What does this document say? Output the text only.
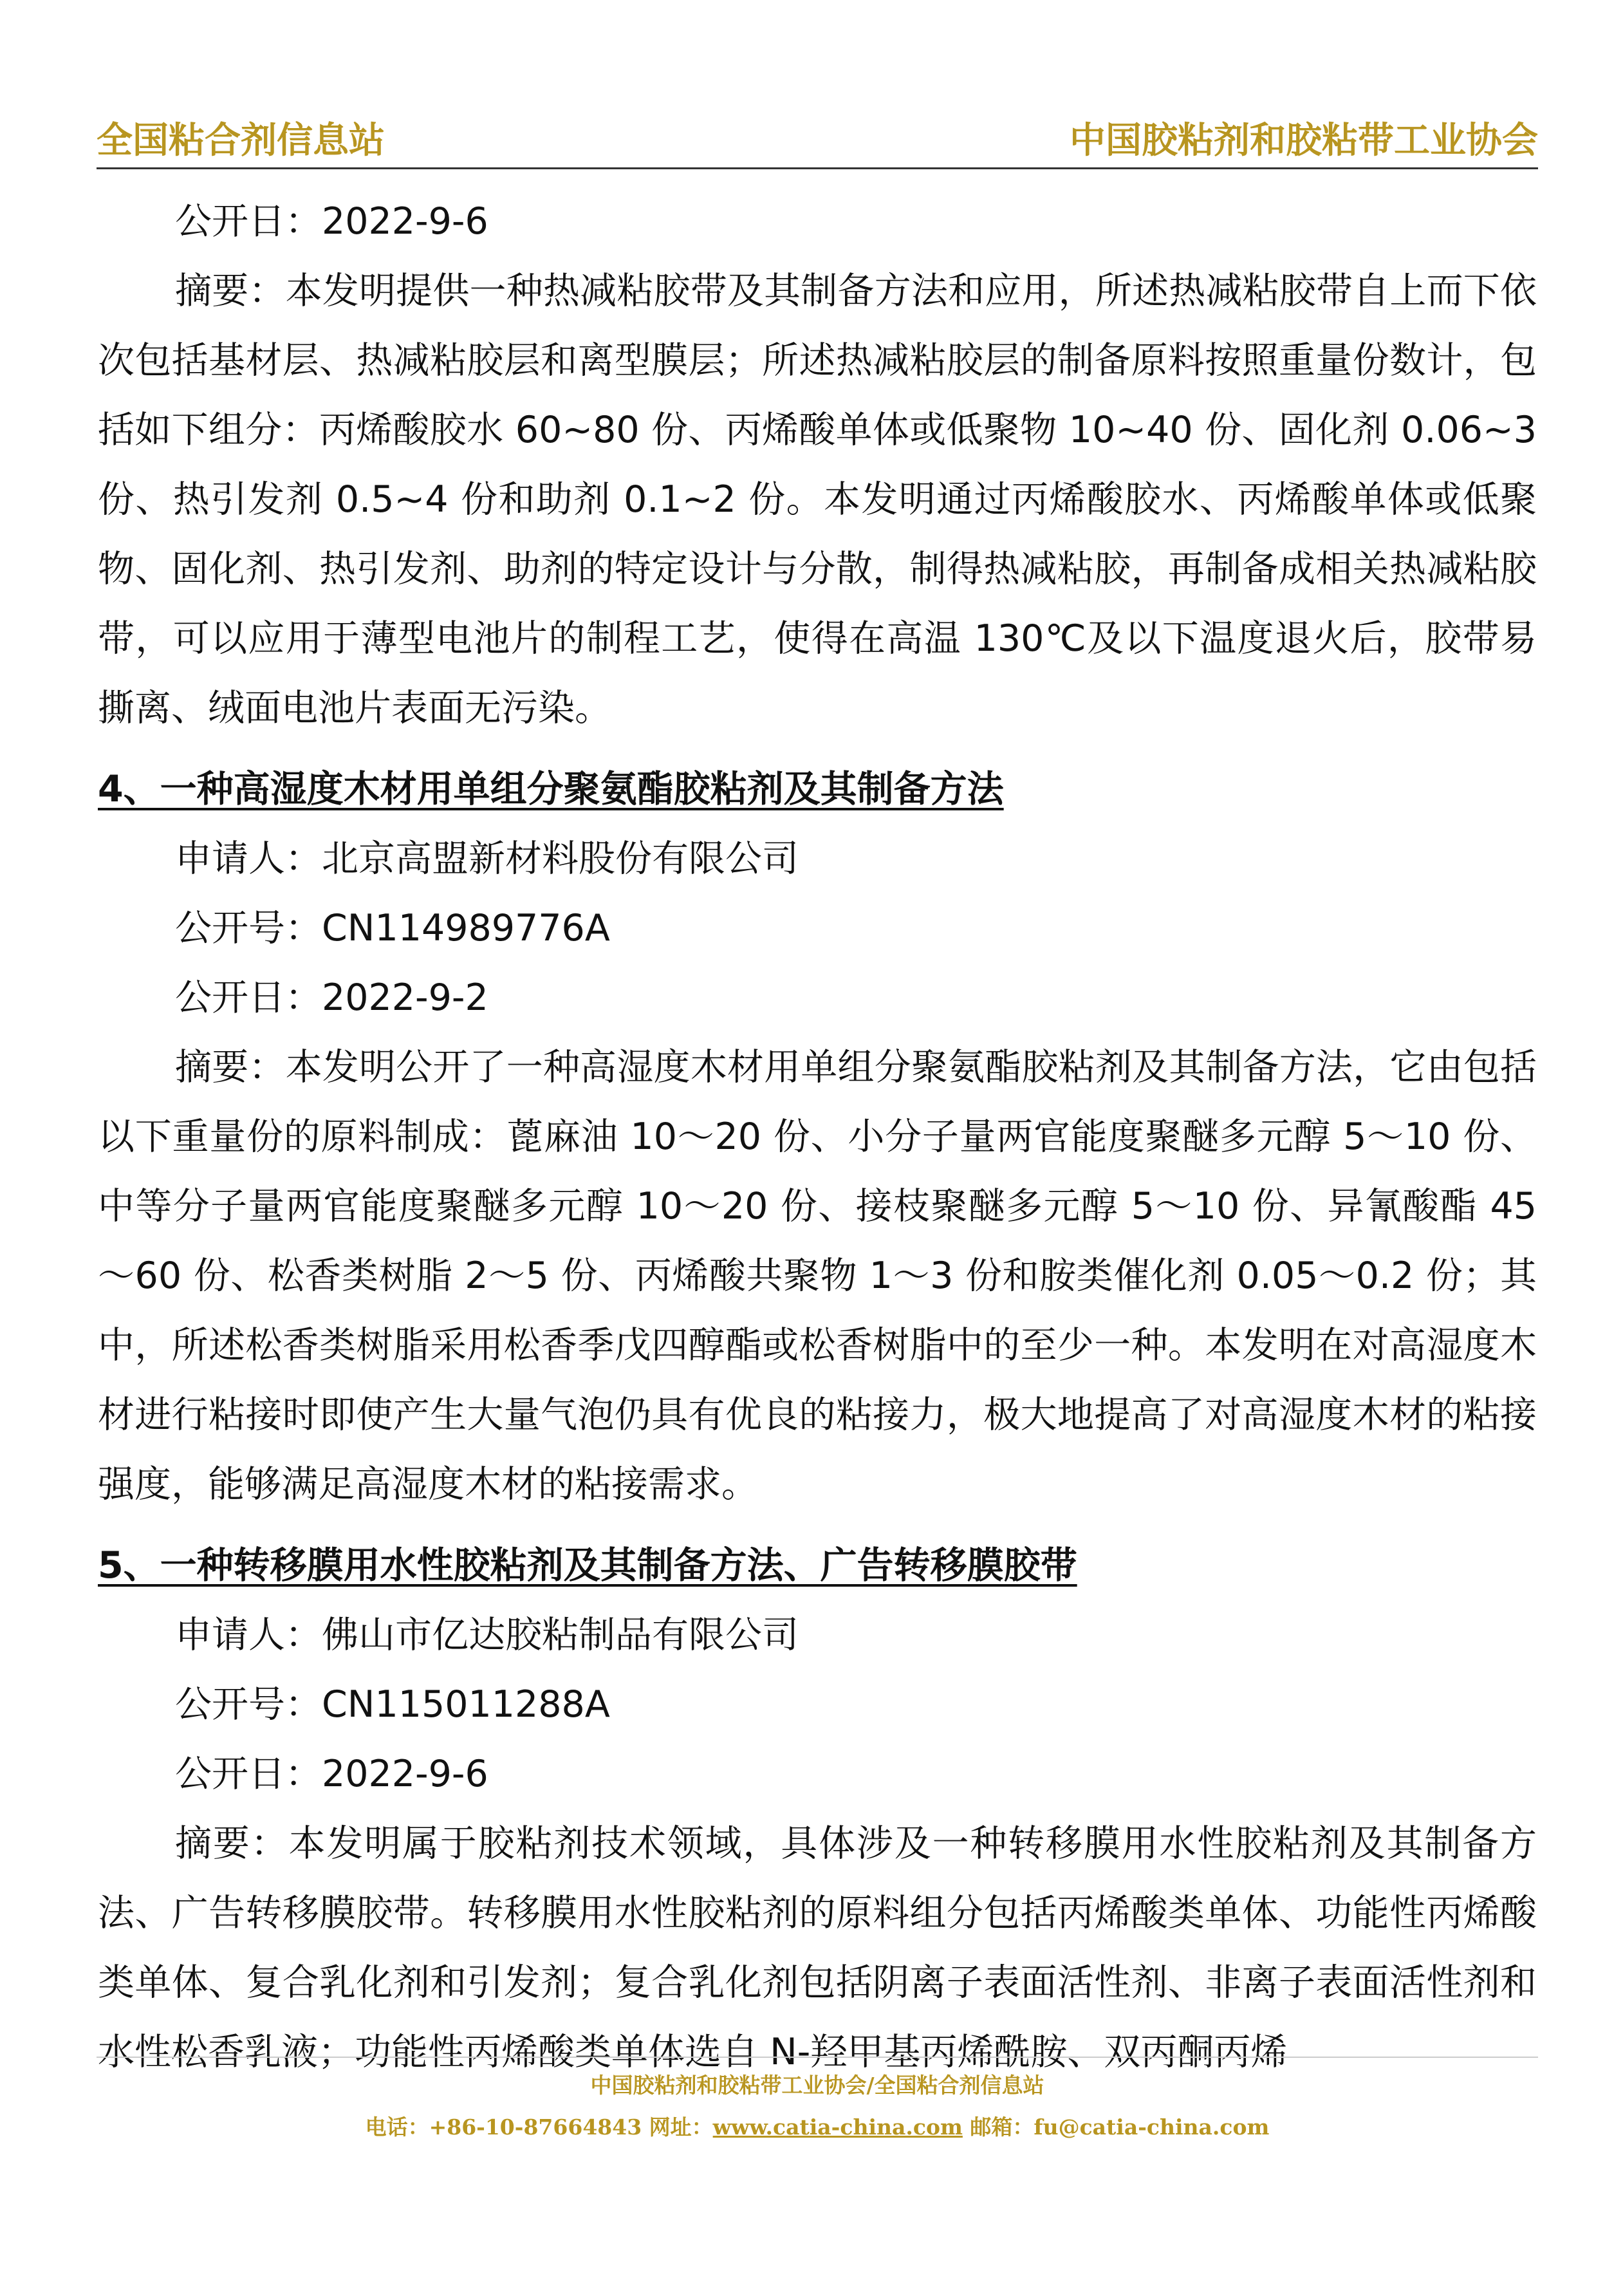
全国粘合剂信息站	中国胶粘剂和胶粘带工业协会

公开日：2022-9-6

摘要：本发明提供一种热减粘胶带及其制备方法和应用，所述热减粘胶带自上而下依次包括基材层、热减粘胶层和离型膜层；所述热减粘胶层的制备原料按照重量份数计，包括如下组分：丙烯酸胶水 60~80 份、丙烯酸单体或低聚物 10~40 份、固化剂 0.06~3 份、热引发剂 0.5~4 份和助剂 0.1~2 份。本发明通过丙烯酸胶水、丙烯酸单体或低聚物、固化剂、热引发剂、助剂的特定设计与分散，制得热减粘胶，再制备成相关热减粘胶带，可以应用于薄型电池片的制程工艺，使得在高温 130℃及以下温度退火后，胶带易撕离、绒面电池片表面无污染。

4、一种高湿度木材用单组分聚氨酯胶粘剂及其制备方法

申请人：北京高盟新材料股份有限公司

公开号：CN114989776A

公开日：2022-9-2

摘要：本发明公开了一种高湿度木材用单组分聚氨酯胶粘剂及其制备方法，它由包括以下重量份的原料制成：蓖麻油 10～20 份、小分子量两官能度聚醚多元醇 5～10 份、中等分子量两官能度聚醚多元醇 10～20 份、接枝聚醚多元醇 5～10 份、异氰酸酯 45～60 份、松香类树脂 2～5 份、丙烯酸共聚物 1～3 份和胺类催化剂 0.05～0.2 份；其中，所述松香类树脂采用松香季戊四醇酯或松香树脂中的至少一种。本发明在对高湿度木材进行粘接时即使产生大量气泡仍具有优良的粘接力，极大地提高了对高湿度木材的粘接强度，能够满足高湿度木材的粘接需求。

5、一种转移膜用水性胶粘剂及其制备方法、广告转移膜胶带

申请人：佛山市亿达胶粘制品有限公司

公开号：CN115011288A

公开日：2022-9-6

摘要：本发明属于胶粘剂技术领域，具体涉及一种转移膜用水性胶粘剂及其制备方法、广告转移膜胶带。转移膜用水性胶粘剂的原料组分包括丙烯酸类单体、功能性丙烯酸类单体、复合乳化剂和引发剂；复合乳化剂包括阴离子表面活性剂、非离子表面活性剂和水性松香乳液；功能性丙烯酸类单体选自 N-羟甲基丙烯酰胺、双丙酮丙烯

中国胶粘剂和胶粘带工业协会/全国粘合剂信息站
电话：+86-10-87664843 网址：www.catia-china.com 邮箱：fu@catia-china.com
